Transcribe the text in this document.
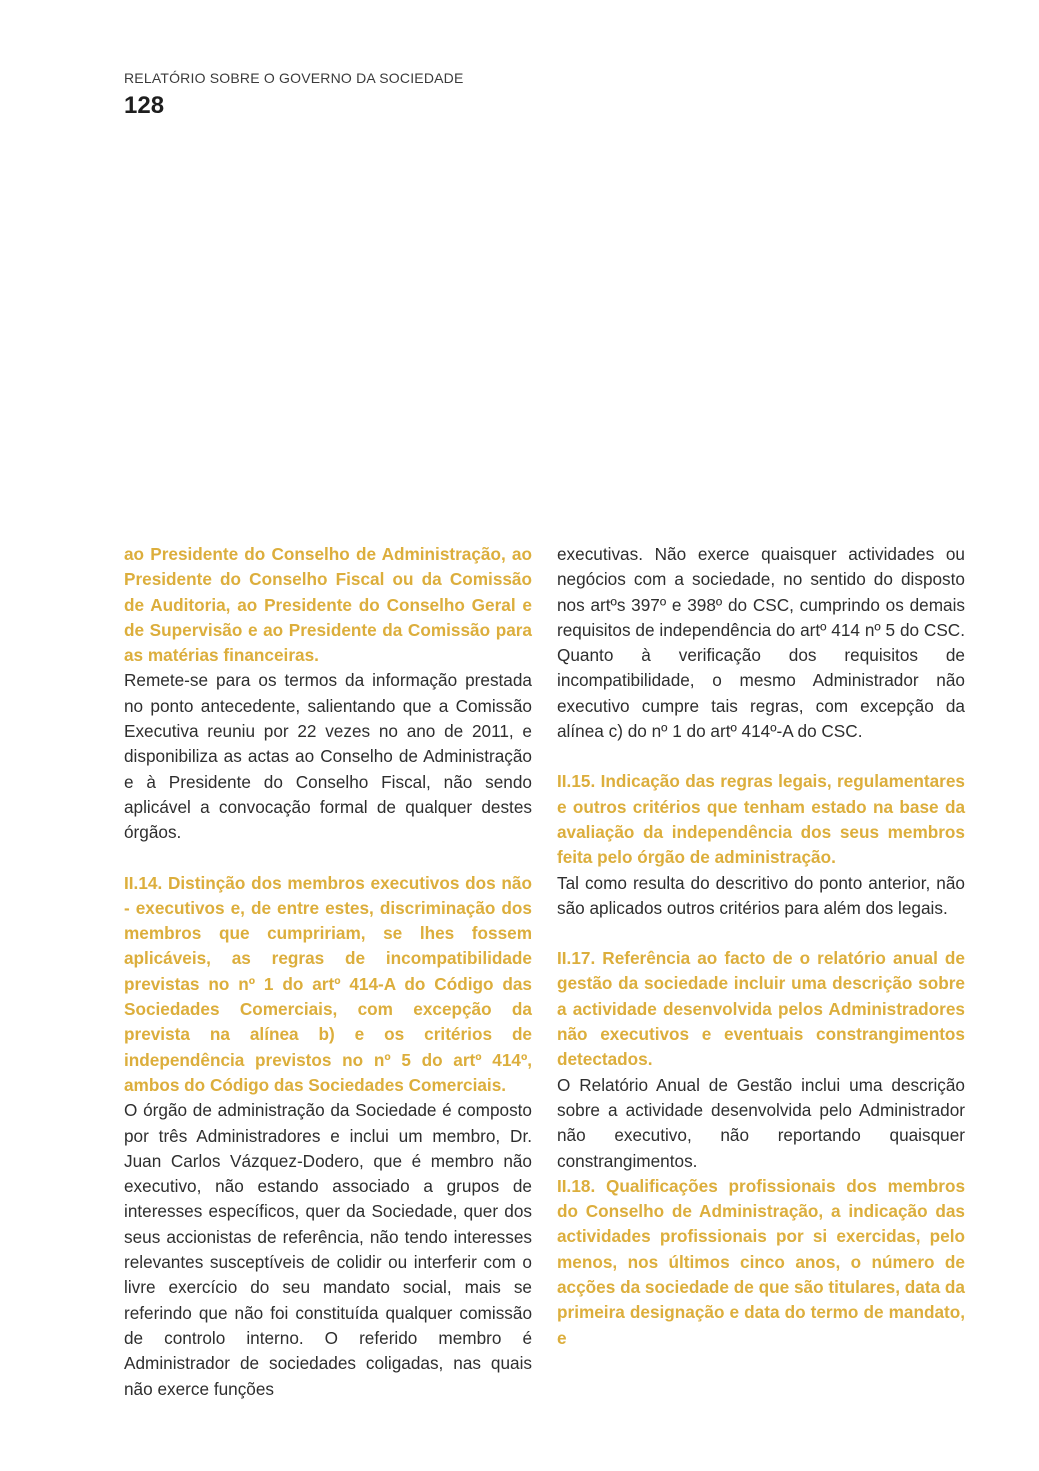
RELATÓRIO SOBRE O GOVERNO DA SOCIEDADE
128
ao Presidente do Conselho de Administração, ao Presidente do Conselho Fiscal ou da Comissão de Auditoria, ao Presidente do Conselho Geral e de Supervisão e ao Presidente da Comissão para as matérias financeiras.
Remete-se para os termos da informação prestada no ponto antecedente, salientando que a Comissão Executiva reuniu por 22 vezes no ano de 2011, e disponibiliza as actas ao Conselho de Administração e à Presidente do Conselho Fiscal, não sendo aplicável a convocação formal de qualquer destes órgãos.
II.14. Distinção dos membros executivos dos não - executivos e, de entre estes, discriminação dos membros que cumpririam, se lhes fossem aplicáveis, as regras de incompatibilidade previstas no nº 1 do artº 414-A do Código das Sociedades Comerciais, com excepção da prevista na alínea b) e os critérios de independência previstos no nº 5 do artº 414º, ambos do Código das Sociedades Comerciais.
O órgão de administração da Sociedade é composto por três Administradores e inclui um membro, Dr. Juan Carlos Vázquez-Dodero, que é membro não executivo, não estando associado a grupos de interesses específicos, quer da Sociedade, quer dos seus accionistas de referência, não tendo interesses relevantes susceptíveis de colidir ou interferir com o livre exercício do seu mandato social, mais se referindo que não foi constituída qualquer comissão de controlo interno. O referido membro é Administrador de sociedades coligadas, nas quais não exerce funções
executivas. Não exerce quaisquer actividades ou negócios com a sociedade, no sentido do disposto nos artºs 397º e 398º do CSC, cumprindo os demais requisitos de independência do artº 414 nº 5 do CSC. Quanto à verificação dos requisitos de incompatibilidade, o mesmo Administrador não executivo cumpre tais regras, com excepção da alínea c) do nº 1 do artº 414º-A do CSC.
II.15. Indicação das regras legais, regulamentares e outros critérios que tenham estado na base da avaliação da independência dos seus membros feita pelo órgão de administração.
Tal como resulta do descritivo do ponto anterior, não são aplicados outros critérios para além dos legais.
II.17. Referência ao facto de o relatório anual de gestão da sociedade incluir uma descrição sobre a actividade desenvolvida pelos Administradores não executivos e eventuais constrangimentos detectados.
O Relatório Anual de Gestão inclui uma descrição sobre a actividade desenvolvida pelo Administrador não executivo, não reportando quaisquer constrangimentos.
II.18. Qualificações profissionais dos membros do Conselho de Administração, a indicação das actividades profissionais por si exercidas, pelo menos, nos últimos cinco anos, o número de acções da sociedade de que são titulares, data da primeira designação e data do termo de mandato, e
